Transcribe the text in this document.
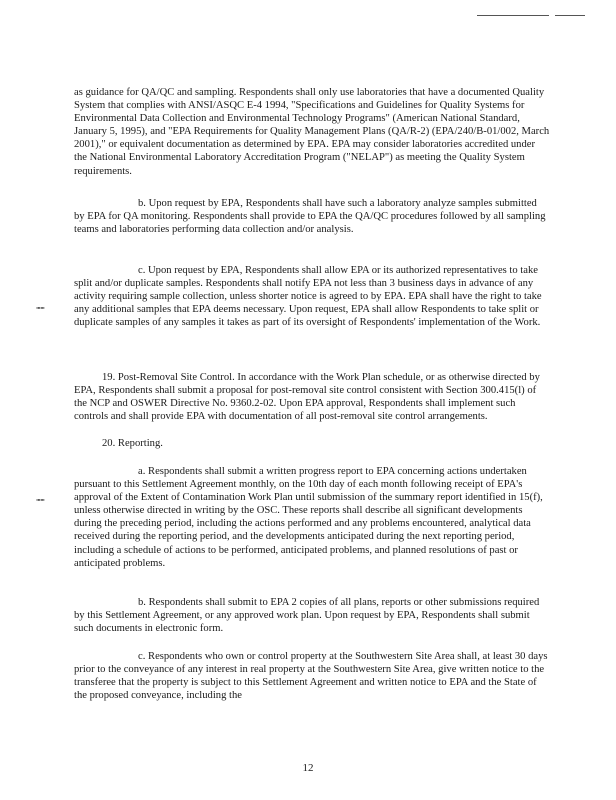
as guidance for QA/QC and sampling. Respondents shall only use laboratories that have a documented Quality System that complies with ANSI/ASQC E-4 1994, "Specifications and Guidelines for Quality Systems for Environmental Data Collection and Environmental Technology Programs" (American National Standard, January 5, 1995), and "EPA Requirements for Quality Management Plans (QA/R-2) (EPA/240/B-01/002, March 2001)," or equivalent documentation as determined by EPA. EPA may consider laboratories accredited under the National Environmental Laboratory Accreditation Program ("NELAP") as meeting the Quality System requirements.

b. Upon request by EPA, Respondents shall have such a laboratory analyze samples submitted by EPA for QA monitoring. Respondents shall provide to EPA the QA/QC procedures followed by all sampling teams and laboratories performing data collection and/or analysis.

c. Upon request by EPA, Respondents shall allow EPA or its authorized representatives to take split and/or duplicate samples. Respondents shall notify EPA not less than 3 business days in advance of any activity requiring sample collection, unless shorter notice is agreed to by EPA. EPA shall have the right to take any additional samples that EPA deems necessary. Upon request, EPA shall allow Respondents to take split or duplicate samples of any samples it takes as part of its oversight of Respondents' implementation of the Work.

"""

19. Post-Removal Site Control. In accordance with the Work Plan schedule, or as otherwise directed by EPA, Respondents shall submit a proposal for post-removal site control consistent with Section 300.415(l) of the NCP and OSWER Directive No. 9360.2-02. Upon EPA approval, Respondents shall implement such controls and shall provide EPA with documentation of all post-removal site control arrangements.

20. Reporting.

a. Respondents shall submit a written progress report to EPA concerning actions undertaken pursuant to this Settlement Agreement monthly, on the 10th day of each month following receipt of EPA's approval of the Extent of Contamination Work Plan until submission of the summary report identified in 15(f), unless otherwise directed in writing by the OSC. These reports shall describe all significant developments during the preceding period, including the actions performed and any problems encountered, analytical data received during the reporting period, and the developments anticipated during the next reporting period, including a schedule of actions to be performed, anticipated problems, and planned resolutions of past or anticipated problems.

"""

b. Respondents shall submit to EPA 2 copies of all plans, reports or other submissions required by this Settlement Agreement, or any approved work plan. Upon request by EPA, Respondents shall submit such documents in electronic form.

c. Respondents who own or control property at the Southwestern Site Area shall, at least 30 days prior to the conveyance of any interest in real property at the Southwestern Site Area, give written notice to the transferee that the property is subject to this Settlement Agreement and written notice to EPA and the State of the proposed conveyance, including the

12
